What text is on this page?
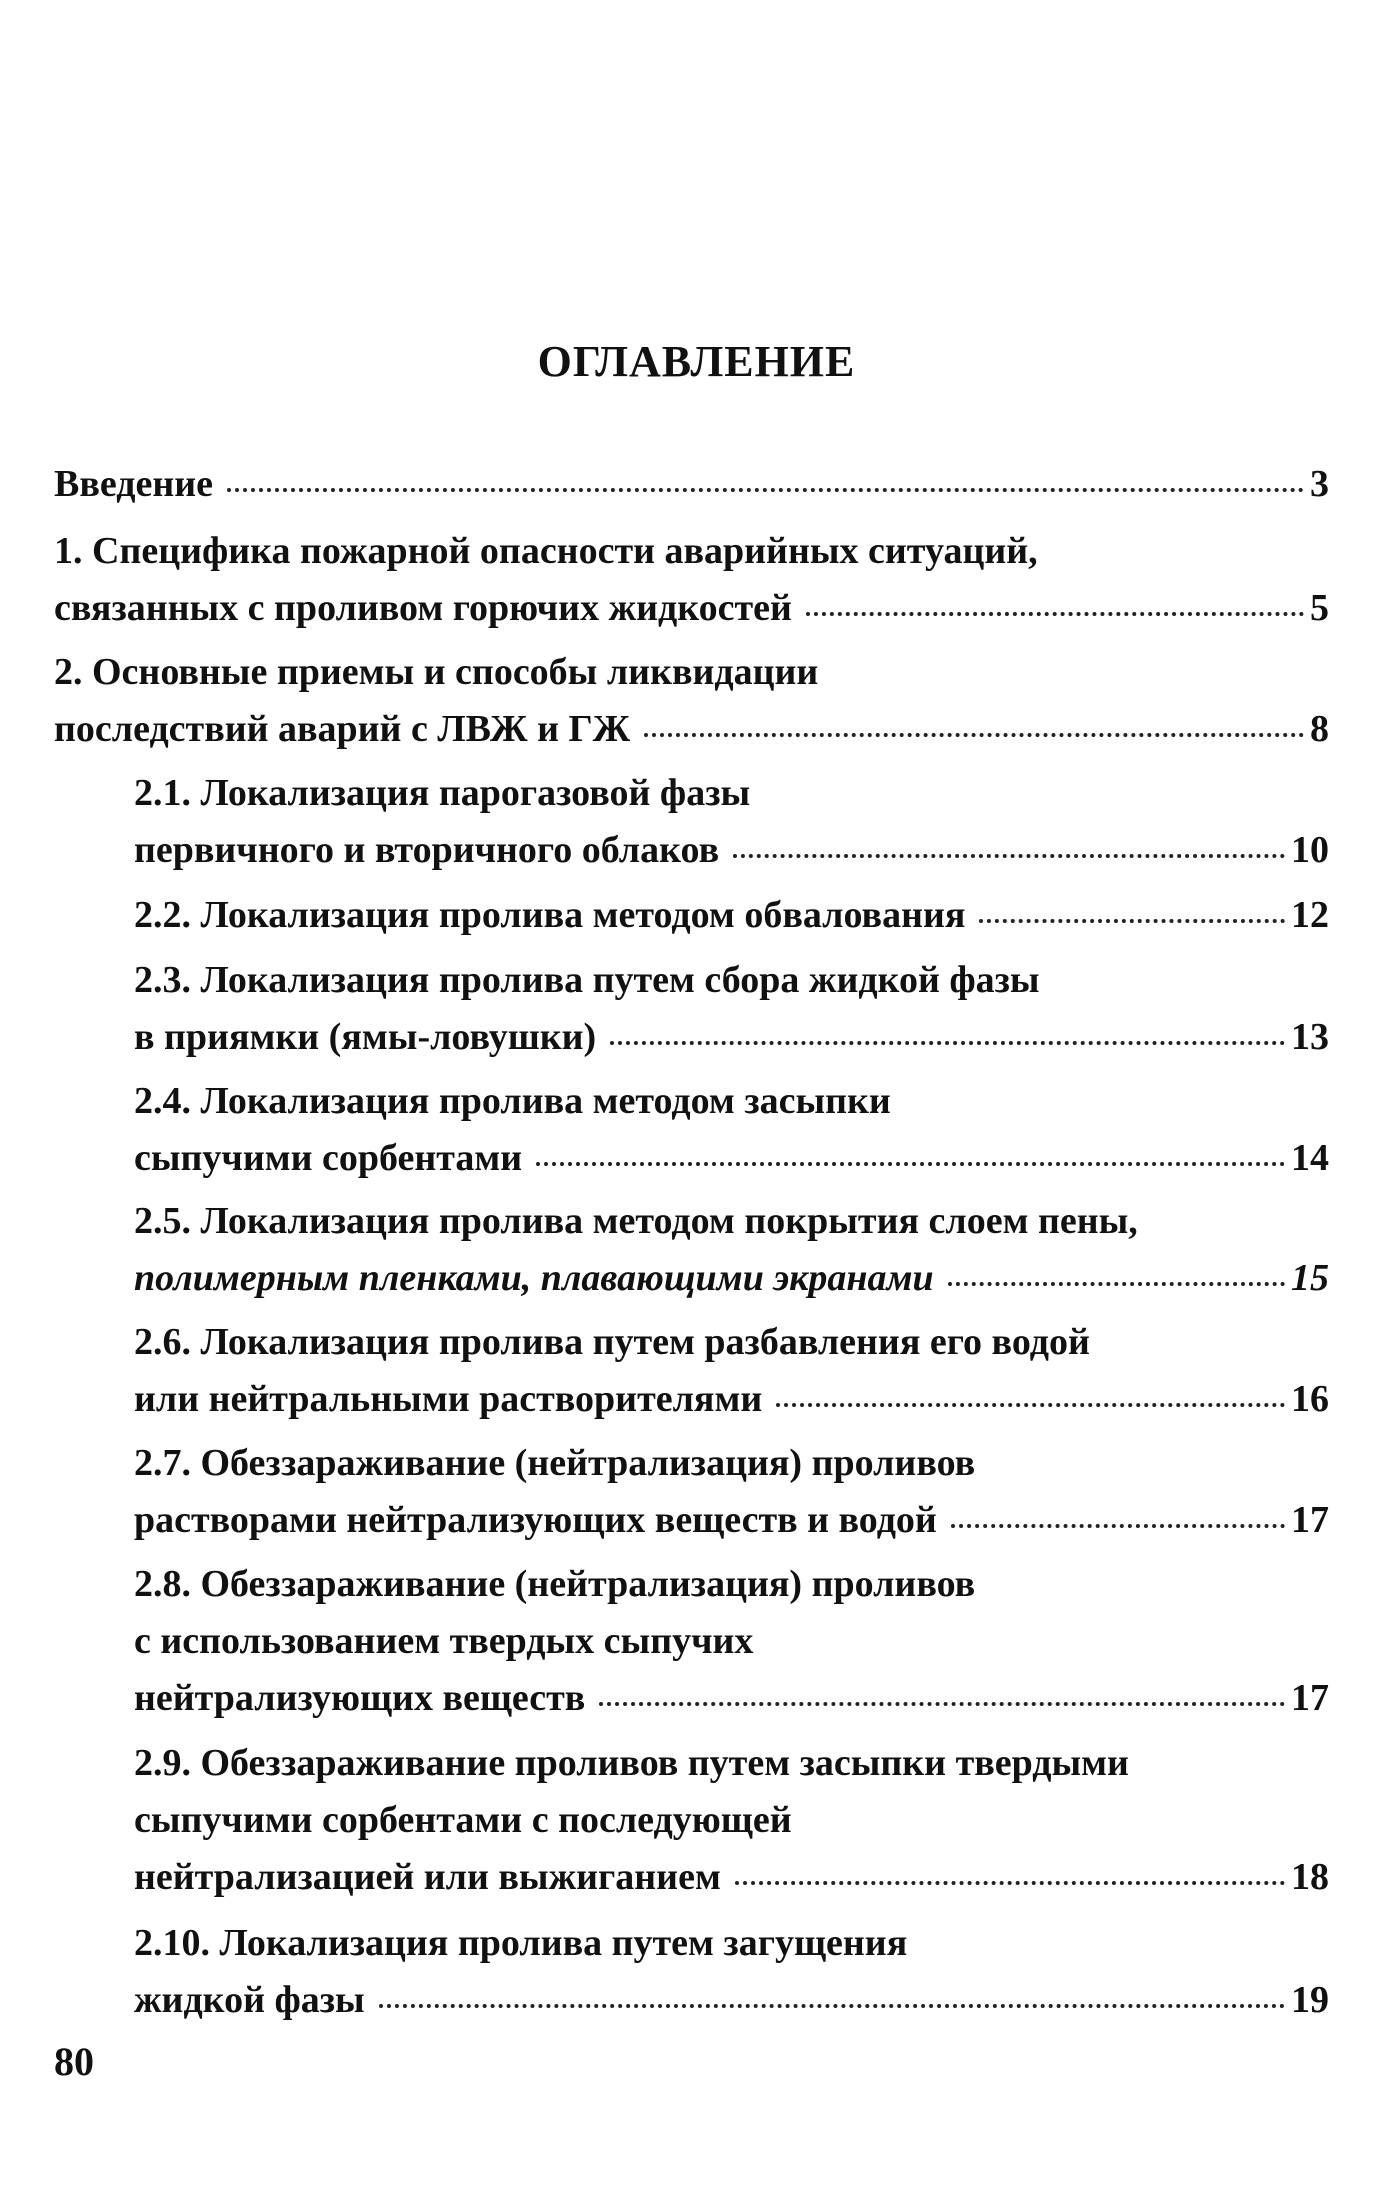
ОГЛАВЛЕНИЕ
Введение	3
1. Специфика пожарной опасности аварийных ситуаций,
связанных с проливом горючих жидкостей	5
2. Основные приемы и способы ликвидации
последствий аварий с ЛВЖ и ГЖ	8
2.1. Локализация парогазовой фазы
первичного и вторичного облаков	10
2.2. Локализация пролива методом обвалования	12
2.3. Локализация пролива путем сбора жидкой фазы
в приямки (ямы-ловушки)	13
2.4. Локализация пролива методом засыпки
сыпучими сорбентами	14
2.5. Локализация пролива методом покрытия слоем пены,
полимерным пленками, плавающими экранами	15
2.6. Локализация пролива путем разбавления его водой
или нейтральными растворителями	16
2.7. Обеззараживание (нейтрализация) проливов
растворами нейтрализующих веществ и водой	17
2.8. Обеззараживание (нейтрализация) проливов
с использованием твердых сыпучих
нейтрализующих веществ	17
2.9. Обеззараживание проливов путем засыпки твердыми
сыпучими сорбентами с последующей
нейтрализацией или выжиганием	18
2.10. Локализация пролива путем загущения
жидкой фазы	19
80
